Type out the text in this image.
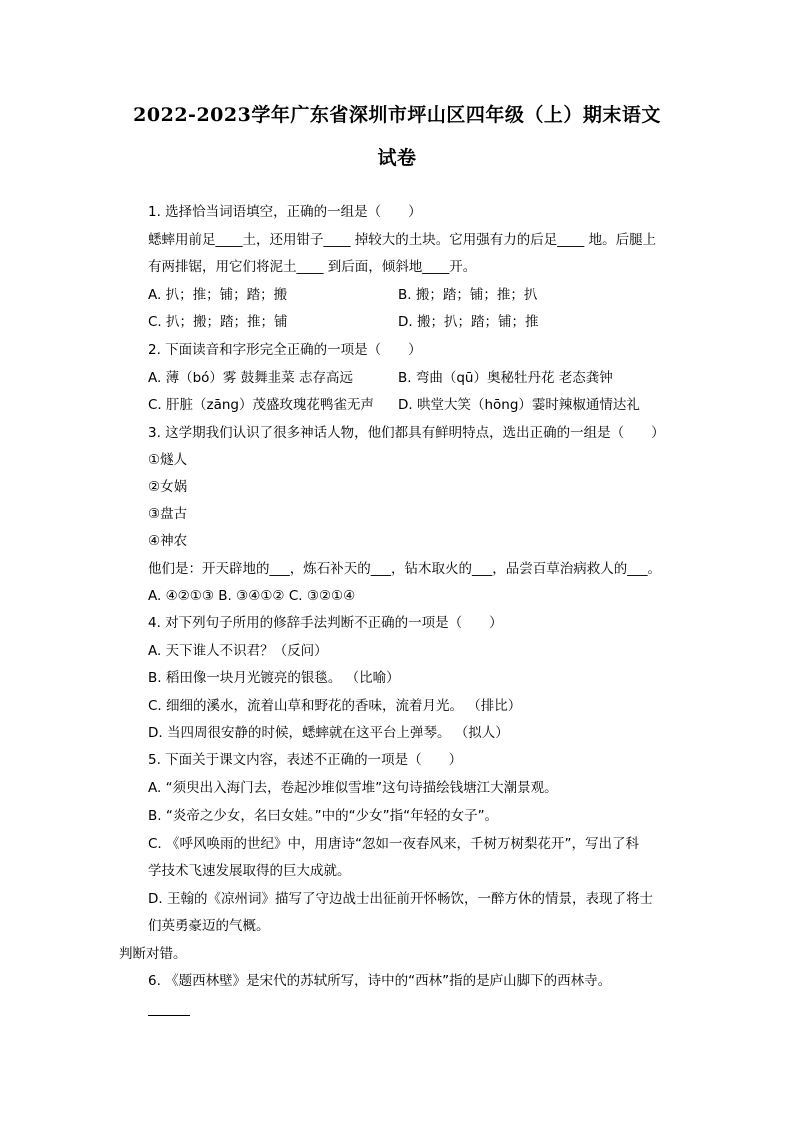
2022-2023学年广东省深圳市坪山区四年级（上）期末语文
试卷
1. 选择恰当词语填空，正确的一组是（　　）
蟋蟀用前足____土，还用钳子____ 掉较大的土块。它用强有力的后足____ 地。后腿上
有两排锯，用它们将泥土____ 到后面，倾斜地____开。
A. 扒；推；铺；踏；搬	B. 搬；踏；铺；推；扒
C. 扒；搬；踏；推；铺	D. 搬；扒；踏；铺；推
2. 下面读音和字形完全正确的一项是（　　）
A. 薄（bó）雾 鼓舞韭菜 志存高远	B. 弯曲（qū）奥秘牡丹花 老态龚钟
C. 肝脏（zāng）茂盛玫瑰花鸭雀无声 D. 哄堂大笑（hōng）霎时辣椒通情达礼
3. 这学期我们认识了很多神话人物，他们都具有鲜明特点，选出正确的一组是（　　）
①燧人
②女娲
③盘古
④神农
他们是：开天辟地的___，炼石补天的___，钻木取火的___，品尝百草治病救人的___。
A. ④②①③ B. ③④①② C. ③②①④
4. 对下列句子所用的修辞手法判断不正确的一项是（　　）
A. 天下谁人不识君？（反问）
B. 稻田像一块月光镀亮的银毯。 （比喻）
C. 细细的溪水，流着山草和野花的香味，流着月光。 （排比）
D. 当四周很安静的时候，蟋蟀就在这平台上弹琴。 （拟人）
5. 下面关于课文内容，表述不正确的一项是（　　）
A. “须臾出入海门去，卷起沙堆似雪堆”这句诗描绘钱塘江大潮景观。
B. “炎帝之少女，名曰女娃。”中的“少女”指“年轻的女子”。
C. 《呼风唤雨的世纪》中，用唐诗“忽如一夜春风来，千树万树梨花开”，写出了科
学技术飞速发展取得的巨大成就。
D. 王翰的《凉州词》描写了守边战士出征前开怀畅饮，一醉方休的情景，表现了将士
们英勇豪迈的气概。
判断对错。
6. 《题西林壁》是宋代的苏轼所写，诗中的“西林”指的是庐山脚下的西林寺。
